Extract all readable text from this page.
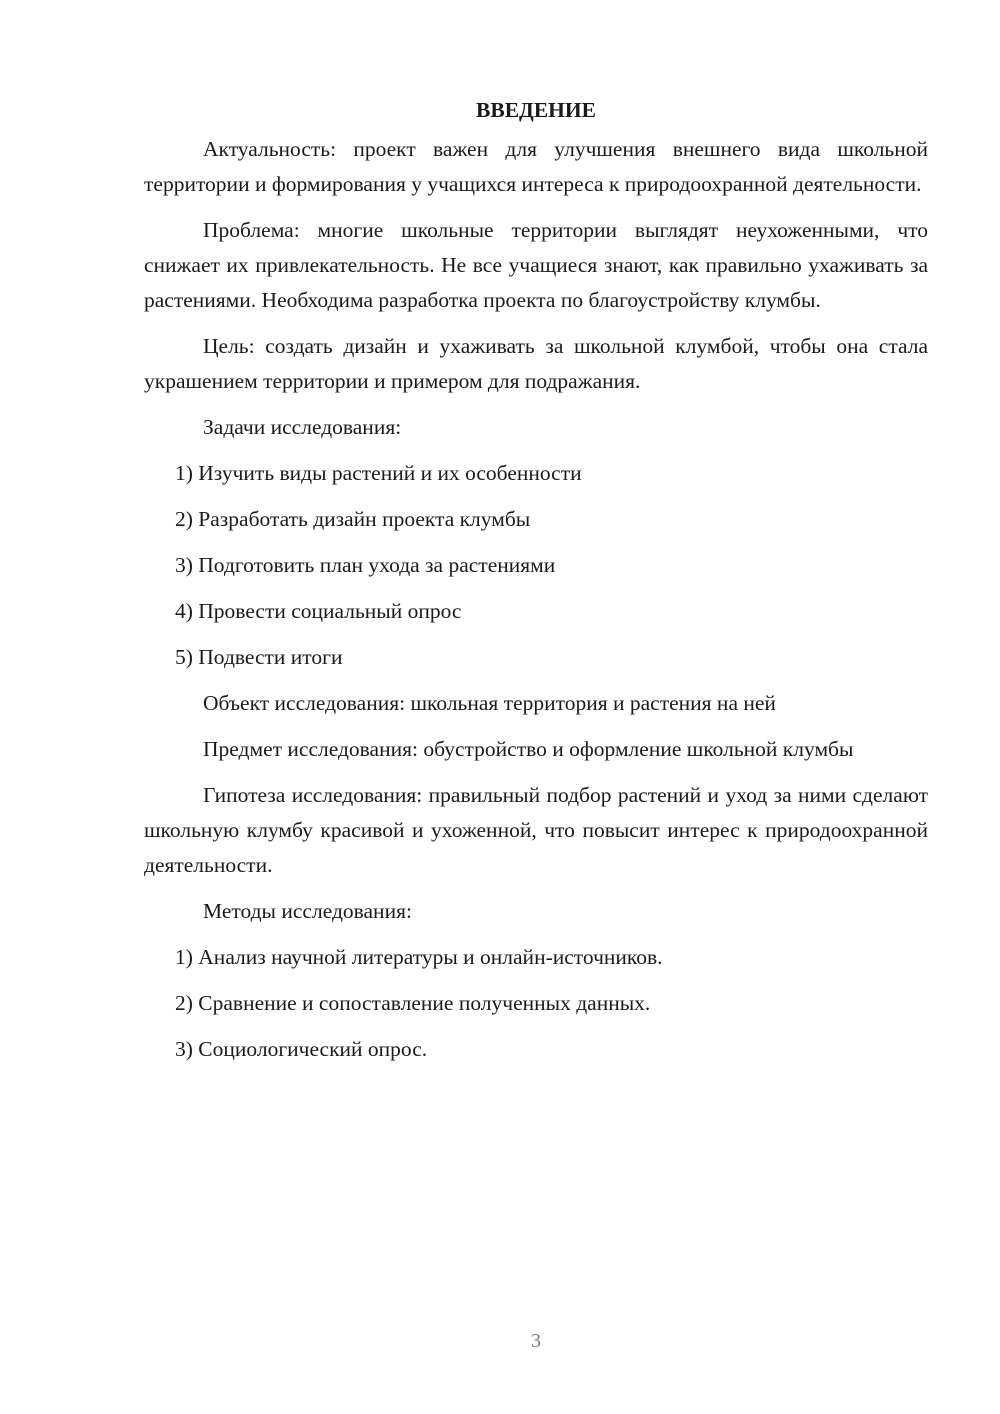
ВВЕДЕНИЕ

Актуальность: проект важен для улучшения внешнего вида школьной территории и формирования у учащихся интереса к природоохранной деятельности.

Проблема: многие школьные территории выглядят неухоженными, что снижает их привлекательность. Не все учащиеся знают, как правильно ухаживать за растениями. Необходима разработка проекта по благоустройству клумбы.

Цель: создать дизайн и ухаживать за школьной клумбой, чтобы она стала украшением территории и примером для подражания.

Задачи исследования:

1) Изучить виды растений и их особенности
2) Разработать дизайн проекта клумбы
3) Подготовить план ухода за растениями
4) Провести социальный опрос
5) Подвести итоги

Объект исследования: школьная территория и растения на ней

Предмет исследования: обустройство и оформление школьной клумбы

Гипотеза исследования: правильный подбор растений и уход за ними сделают школьную клумбу красивой и ухоженной, что повысит интерес к природоохранной деятельности.

Методы исследования:

1) Анализ научной литературы и онлайн-источников.
2) Сравнение и сопоставление полученных данных.
3) Социологический опрос.
3
